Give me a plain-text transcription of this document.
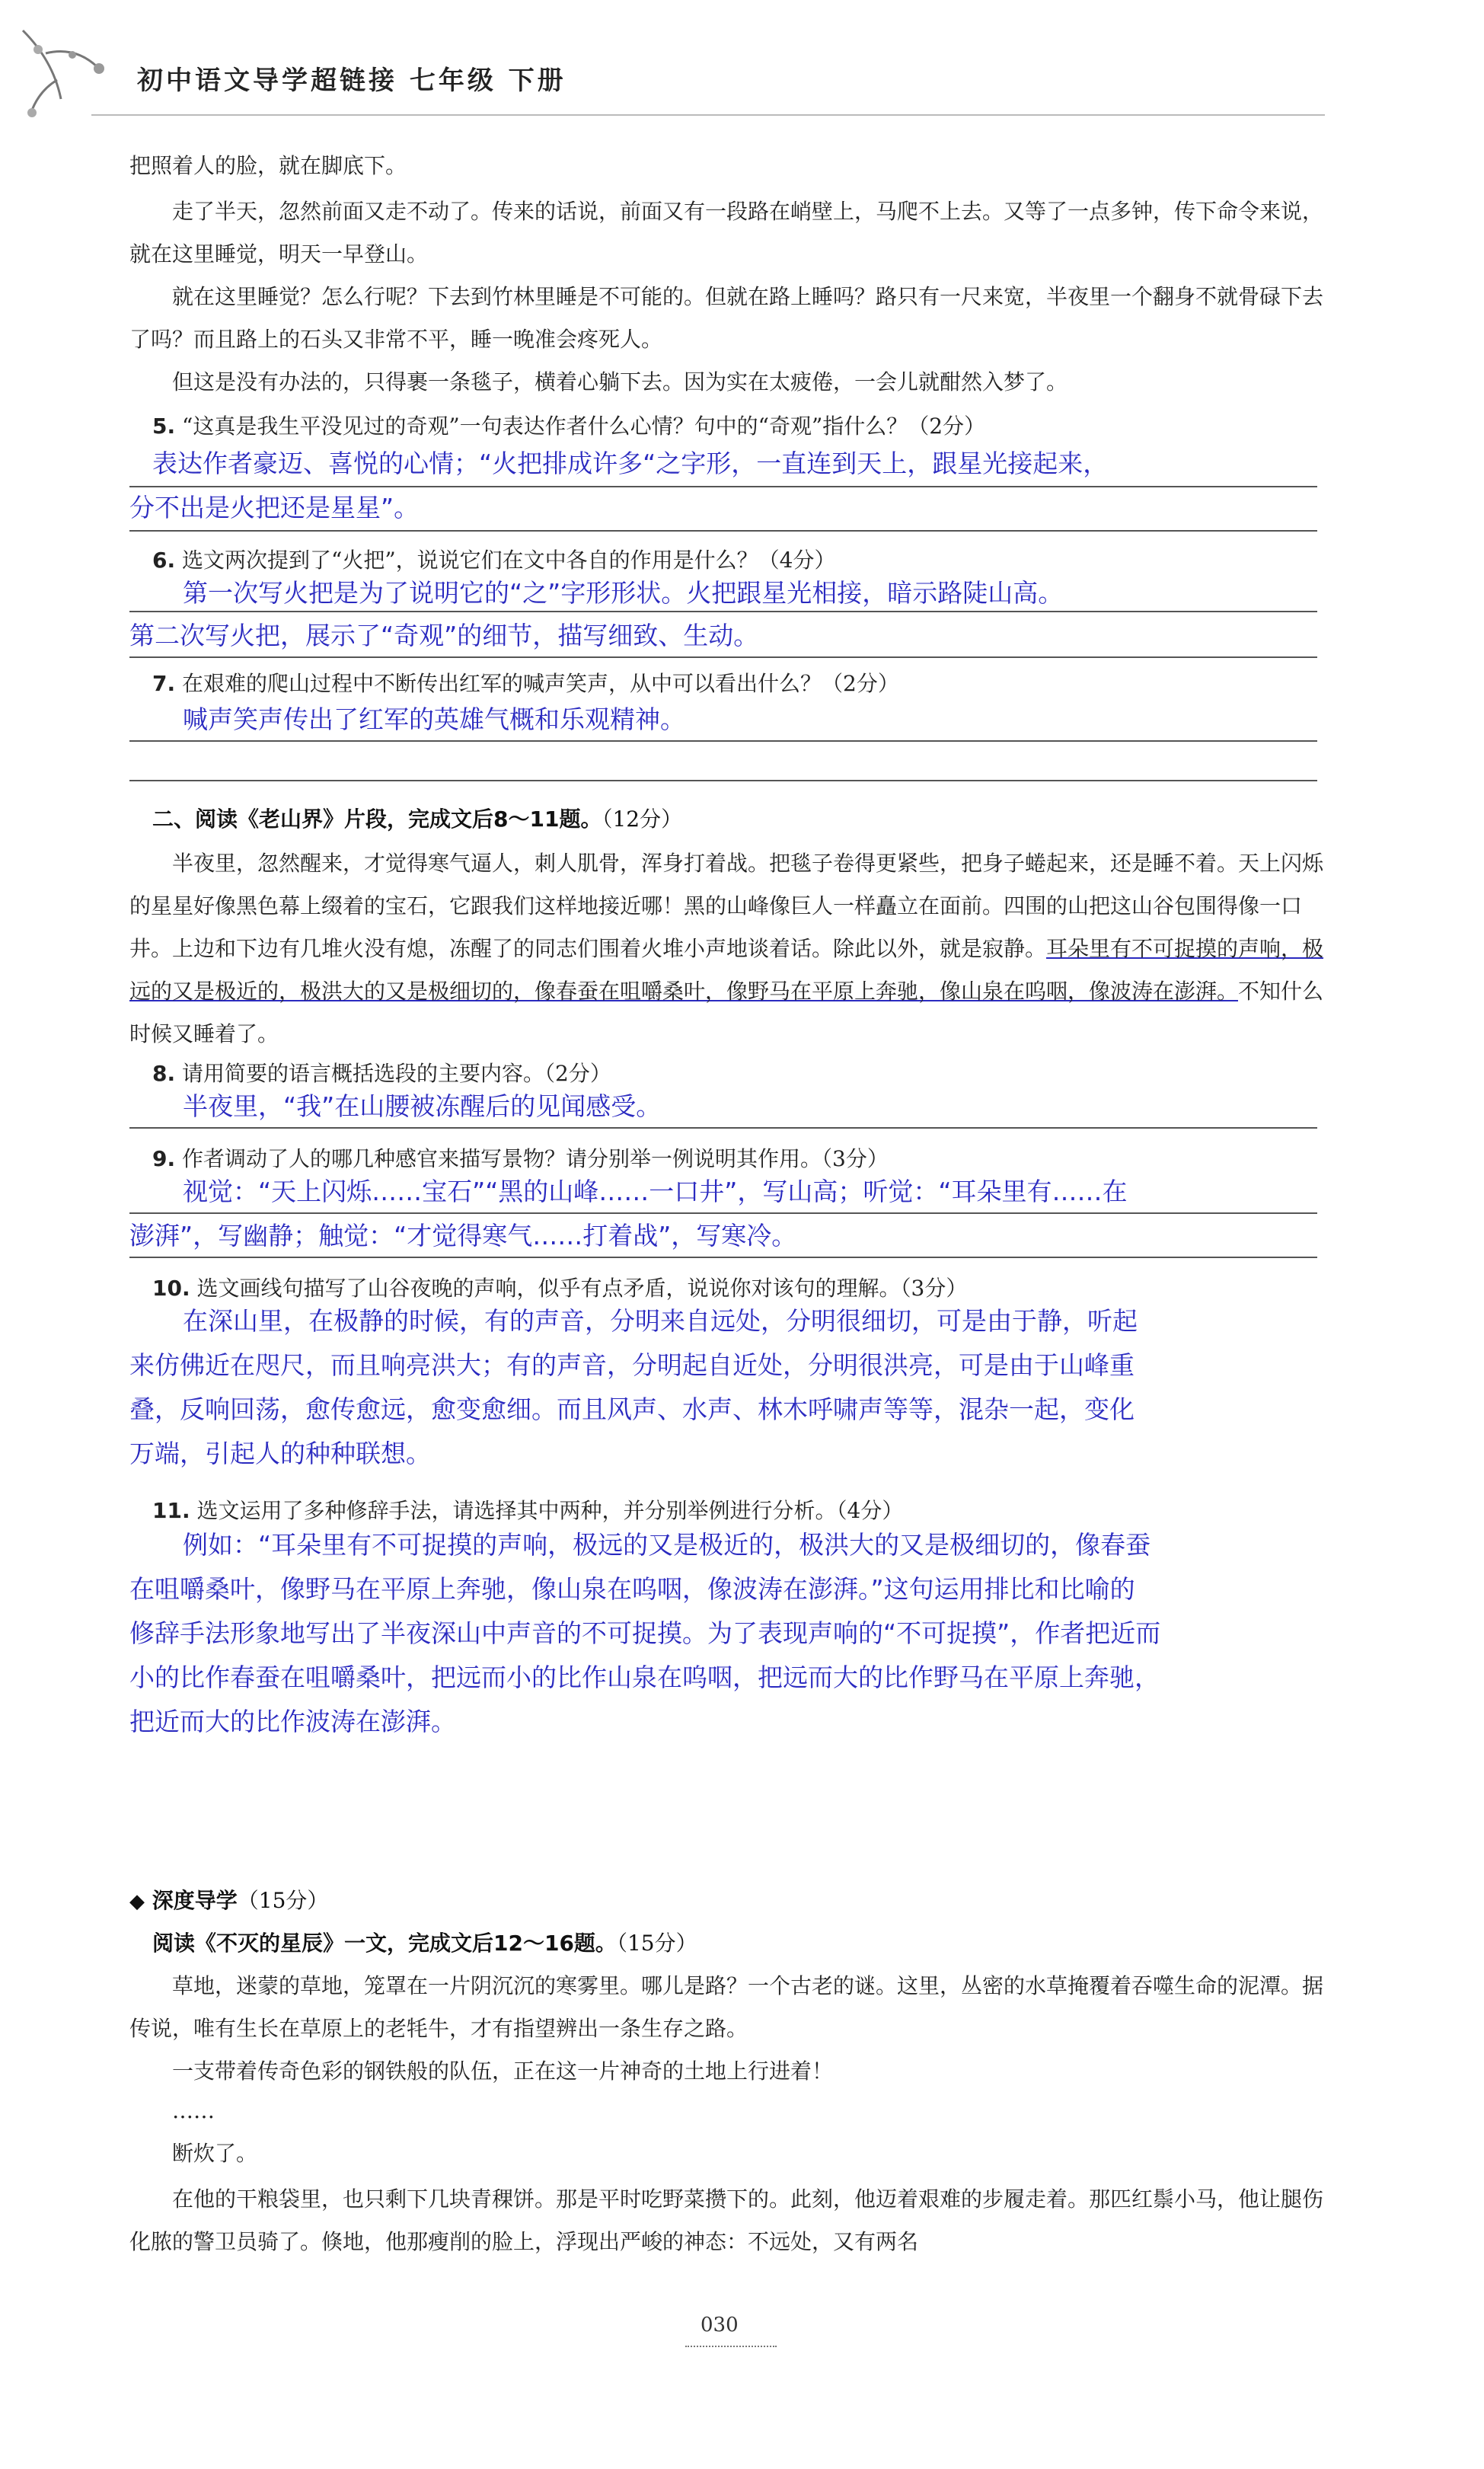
初中语文导学超链接 七年级 下册
把照着人的脸，就在脚底下。
走了半天，忽然前面又走不动了。传来的话说，前面又有一段路在峭壁上，马爬不上去。又等了一点多钟，传下命令来说，就在这里睡觉，明天一早登山。
就在这里睡觉？怎么行呢？下去到竹林里睡是不可能的。但就在路上睡吗？路只有一尺来宽，半夜里一个翻身不就骨碌下去了吗？而且路上的石头又非常不平，睡一晚准会疼死人。
但这是没有办法的，只得裹一条毯子，横着心躺下去。因为实在太疲倦，一会儿就酣然入梦了。
5. “这真是我生平没见过的奇观”一句表达作者什么心情？句中的“奇观”指什么？（2分）
表达作者豪迈、喜悦的心情；“火把排成许多“之字形，一直连到天上，跟星光接起来，
分不出是火把还是星星”。
6. 选文两次提到了“火把”，说说它们在文中各自的作用是什么？（4分）
第一次写火把是为了说明它的“之”字形形状。火把跟星光相接，暗示路陡山高。
第二次写火把，展示了“奇观”的细节，描写细致、生动。
7. 在艰难的爬山过程中不断传出红军的喊声笑声，从中可以看出什么？（2分）
喊声笑声传出了红军的英雄气概和乐观精神。
二、阅读《老山界》片段，完成文后8～11题。（12分）
半夜里，忽然醒来，才觉得寒气逼人，刺人肌骨，浑身打着战。把毯子卷得更紧些，把身子蜷起来，还是睡不着。天上闪烁的星星好像黑色幕上缀着的宝石，它跟我们这样地接近哪！黑的山峰像巨人一样矗立在面前。四围的山把这山谷包围得像一口井。上边和下边有几堆火没有熄，冻醒了的同志们围着火堆小声地谈着话。除此以外，就是寂静。耳朵里有不可捉摸的声响，极远的又是极近的，极洪大的又是极细切的，像春蚕在咀嚼桑叶，像野马在平原上奔驰，像山泉在呜咽，像波涛在澎湃。不知什么时候又睡着了。
8. 请用简要的语言概括选段的主要内容。（2分）
半夜里，“我”在山腰被冻醒后的见闻感受。
9. 作者调动了人的哪几种感官来描写景物？请分别举一例说明其作用。（3分）
视觉：“天上闪烁……宝石”“黑的山峰……一口井”，写山高；听觉：“耳朵里有……在
澎湃”，写幽静；触觉：“才觉得寒气……打着战”，写寒冷。
10. 选文画线句描写了山谷夜晚的声响，似乎有点矛盾，说说你对该句的理解。（3分）
在深山里，在极静的时候，有的声音，分明来自远处，分明很细切，可是由于静，听起
来仿佛近在咫尺，而且响亮洪大；有的声音，分明起自近处，分明很洪亮，可是由于山峰重
叠，反响回荡，愈传愈远，愈变愈细。而且风声、水声、林木呼啸声等等，混杂一起，变化
万端，引起人的种种联想。
11. 选文运用了多种修辞手法，请选择其中两种，并分别举例进行分析。（4分）
例如：“耳朵里有不可捉摸的声响，极远的又是极近的，极洪大的又是极细切的，像春蚕
在咀嚼桑叶，像野马在平原上奔驰，像山泉在呜咽，像波涛在澎湃。”这句运用排比和比喻的
修辞手法形象地写出了半夜深山中声音的不可捉摸。为了表现声响的“不可捉摸”，作者把近而
小的比作春蚕在咀嚼桑叶，把远而小的比作山泉在呜咽，把远而大的比作野马在平原上奔驰，
把近而大的比作波涛在澎湃。
◆ 深度导学（15分）
阅读《不灭的星辰》一文，完成文后12～16题。（15分）
草地，迷蒙的草地，笼罩在一片阴沉沉的寒雾里。哪儿是路？一个古老的谜。这里，丛密的水草掩覆着吞噬生命的泥潭。据传说，唯有生长在草原上的老牦牛，才有指望辨出一条生存之路。
一支带着传奇色彩的钢铁般的队伍，正在这一片神奇的土地上行进着！
……
断炊了。
在他的干粮袋里，也只剩下几块青稞饼。那是平时吃野菜攒下的。此刻，他迈着艰难的步履走着。那匹红鬃小马，他让腿伤化脓的警卫员骑了。倏地，他那瘦削的脸上，浮现出严峻的神态：不远处，又有两名
030
